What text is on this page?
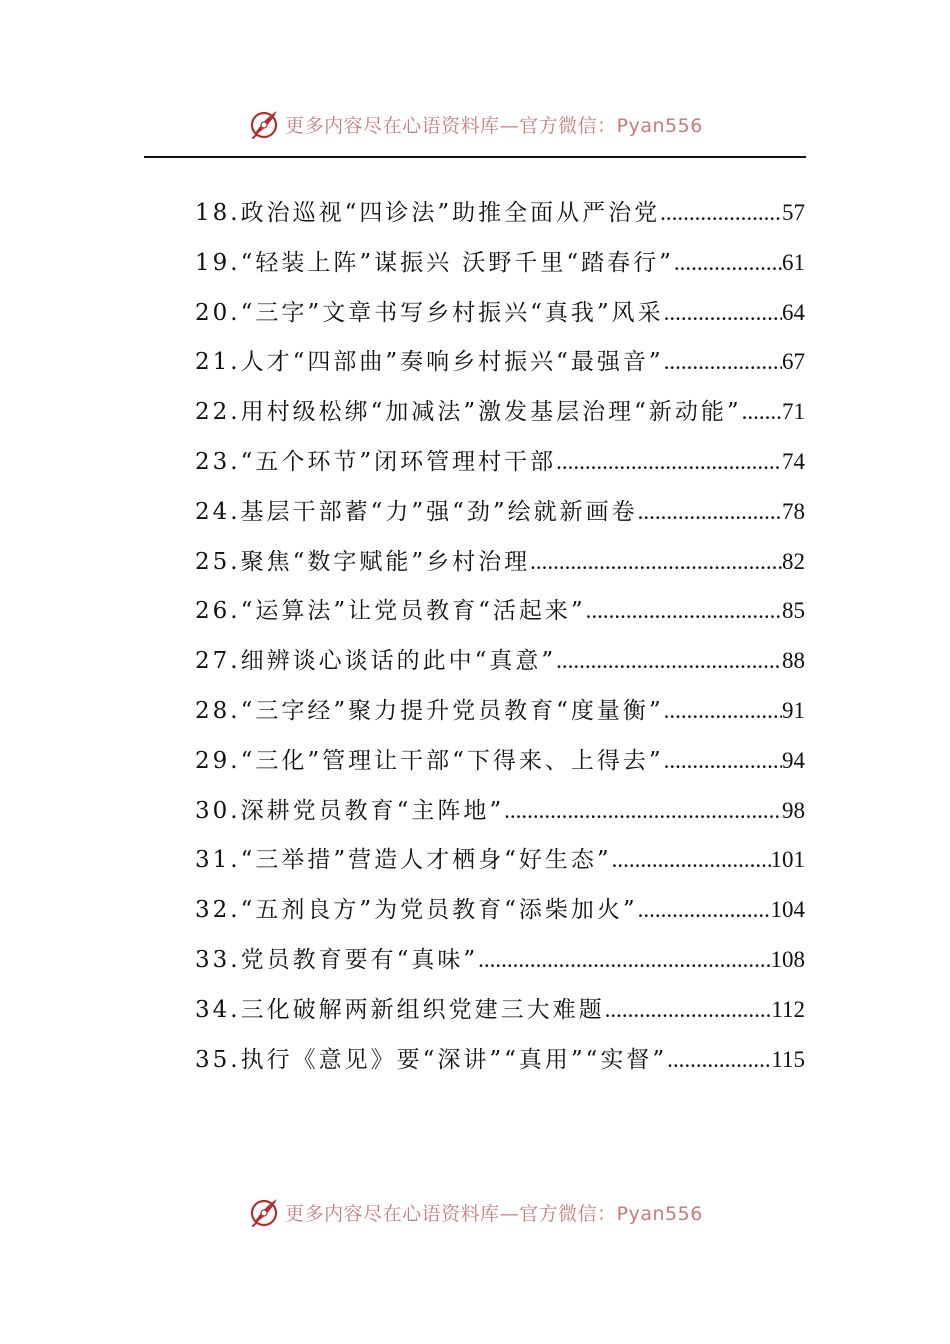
更多内容尽在心语资料库—官方微信：Pyan556
18.政治巡视“四诊法”助推全面从严治党 .....	57
19.“轻装上阵”谋振兴 沃野千里“踏春行” .....	61
20.“三字”文章书写乡村振兴“真我”风采 .....	64
21.人才“四部曲”奏响乡村振兴“最强音” .....	67
22.用村级松绑“加减法”激发基层治理“新动能” ..... 71
23.“五个环节”闭环管理村干部 .....	74
24.基层干部蓄“力”强“劲”绘就新画卷 .....	78
25.聚焦“数字赋能”乡村治理 .....	82
26.“运算法”让党员教育“活起来” .....	85
27.细辨谈心谈话的此中“真意” .....	88
28.“三字经”聚力提升党员教育“度量衡” .....	91
29.“三化”管理让干部“下得来、上得去” .....	94
30.深耕党员教育“主阵地” .....	98
31.“三举措”营造人才栖身“好生态” .....	101
32.“五剂良方”为党员教育“添柴加火” .....	104
33.党员教育要有“真味” .....	108
34.三化破解两新组织党建三大难题 .....	112
35.执行《意见》要“深讲”“真用”“实督” .....	115
更多内容尽在心语资料库—官方微信：Pyan556
